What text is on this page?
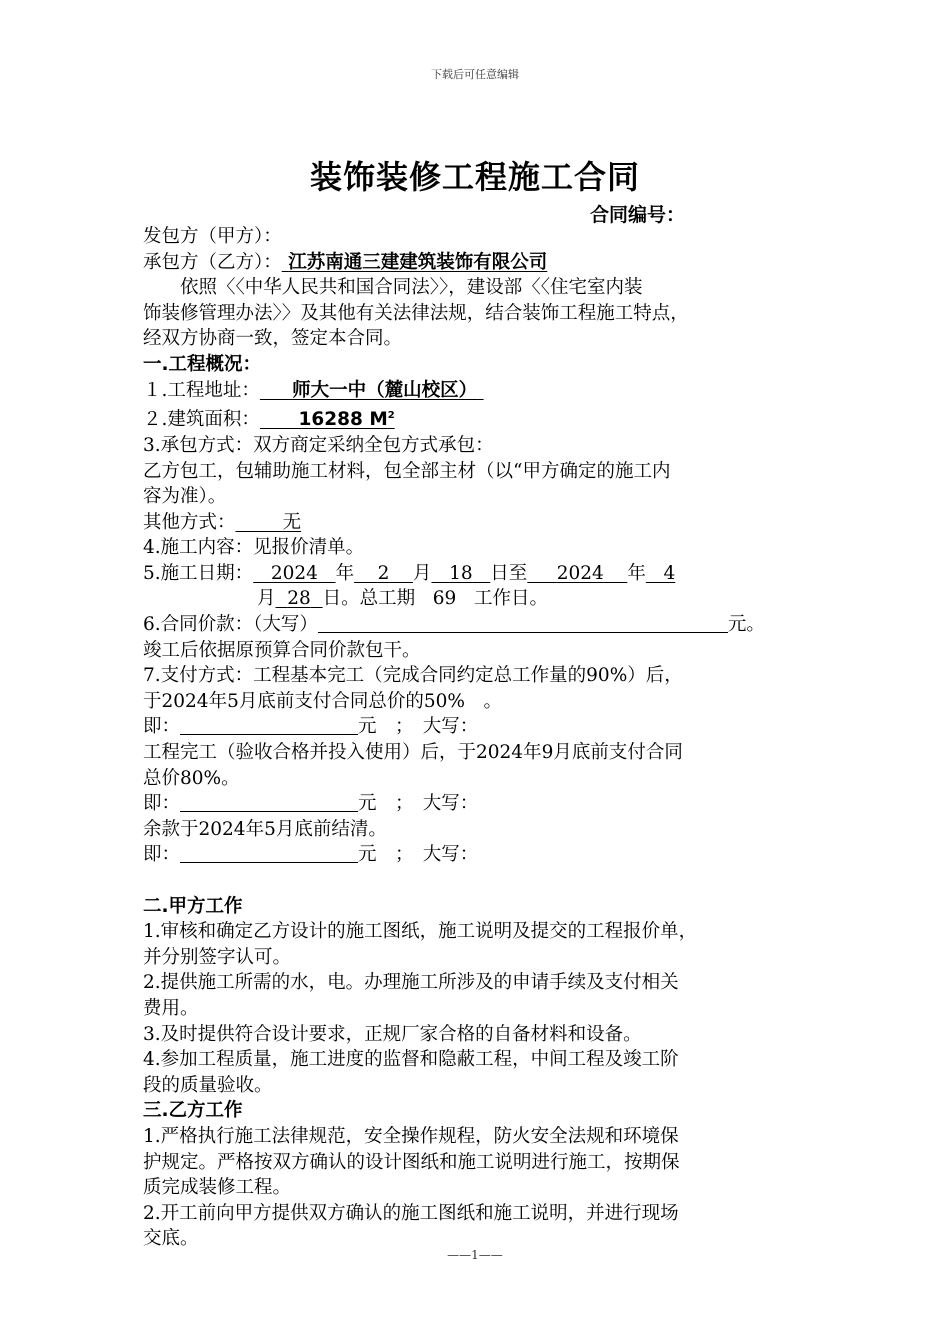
下载后可任意编辑
装饰装修工程施工合同
合同编号：

发包方（甲方）：

承包方（乙方）： 江苏南通三建建筑装饰有限公司

依照〈〈中华人民共和国合同法〉〉，建设部〈〈住宅室内装

饰装修管理办法〉〉及其他有关法律法规，结合装饰工程施工特点，

经双方协商一致，签定本合同。

一.工程概况：

１.工程地址： 师大一中（麓山校区）

２.建筑面积： 16288 $M^2$

3.承包方式：双方商定采纳全包方式承包：

乙方包工，包辅助施工材料，包全部主材（以“甲方确定的施工内

容为准）。

其他方式：	无

4.施工内容：见报价清单。

5.施工日期： 2024 年 2 月 18 日至 2024 年 4

月 28 日。总工期 69 工作日。

6.合同价款：（大写）	元。

竣工后依据原预算合同价款包干。

7.支付方式：工程基本完工（完成合同约定总工作量的90%）后，

于2024年5月底前支付合同总价的50%　。

即：	元　；　大写：

工程完工（验收合格并投入使用）后，于2024年9月底前支付合同

总价80%。

即：	元　；　大写：

余款于2024年5月底前结清。

即：	元　；　大写：

二.甲方工作

1.审核和确定乙方设计的施工图纸，施工说明及提交的工程报价单，

并分别签字认可。

2.提供施工所需的水，电。办理施工所涉及的申请手续及支付相关

费用。

3.及时提供符合设计要求，正规厂家合格的自备材料和设备。

4.参加工程质量，施工进度的监督和隐蔽工程，中间工程及竣工阶

段的质量验收。

三.乙方工作

1.严格执行施工法律规范，安全操作规程，防火安全法规和环境保

护规定。严格按双方确认的设计图纸和施工说明进行施工，按期保

质完成装修工程。

2.开工前向甲方提供双方确认的施工图纸和施工说明，并进行现场

交底。

——1——
